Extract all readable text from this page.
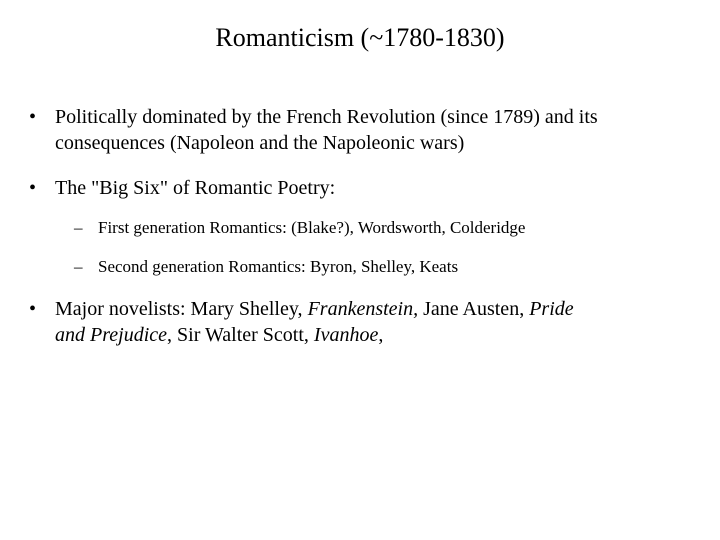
Romanticism (~1780-1830)
• Politically dominated by the French Revolution (since 1789) and its
consequences (Napoleon and the Napoleonic wars)
• The "Big Six" of Romantic Poetry:
– First generation Romantics: (Blake?), Wordsworth, Colderidge
– Second generation Romantics: Byron, Shelley, Keats
• Major novelists: Mary Shelley, Frankenstein, Jane Austen, Pride
and Prejudice, Sir Walter Scott, Ivanhoe,
